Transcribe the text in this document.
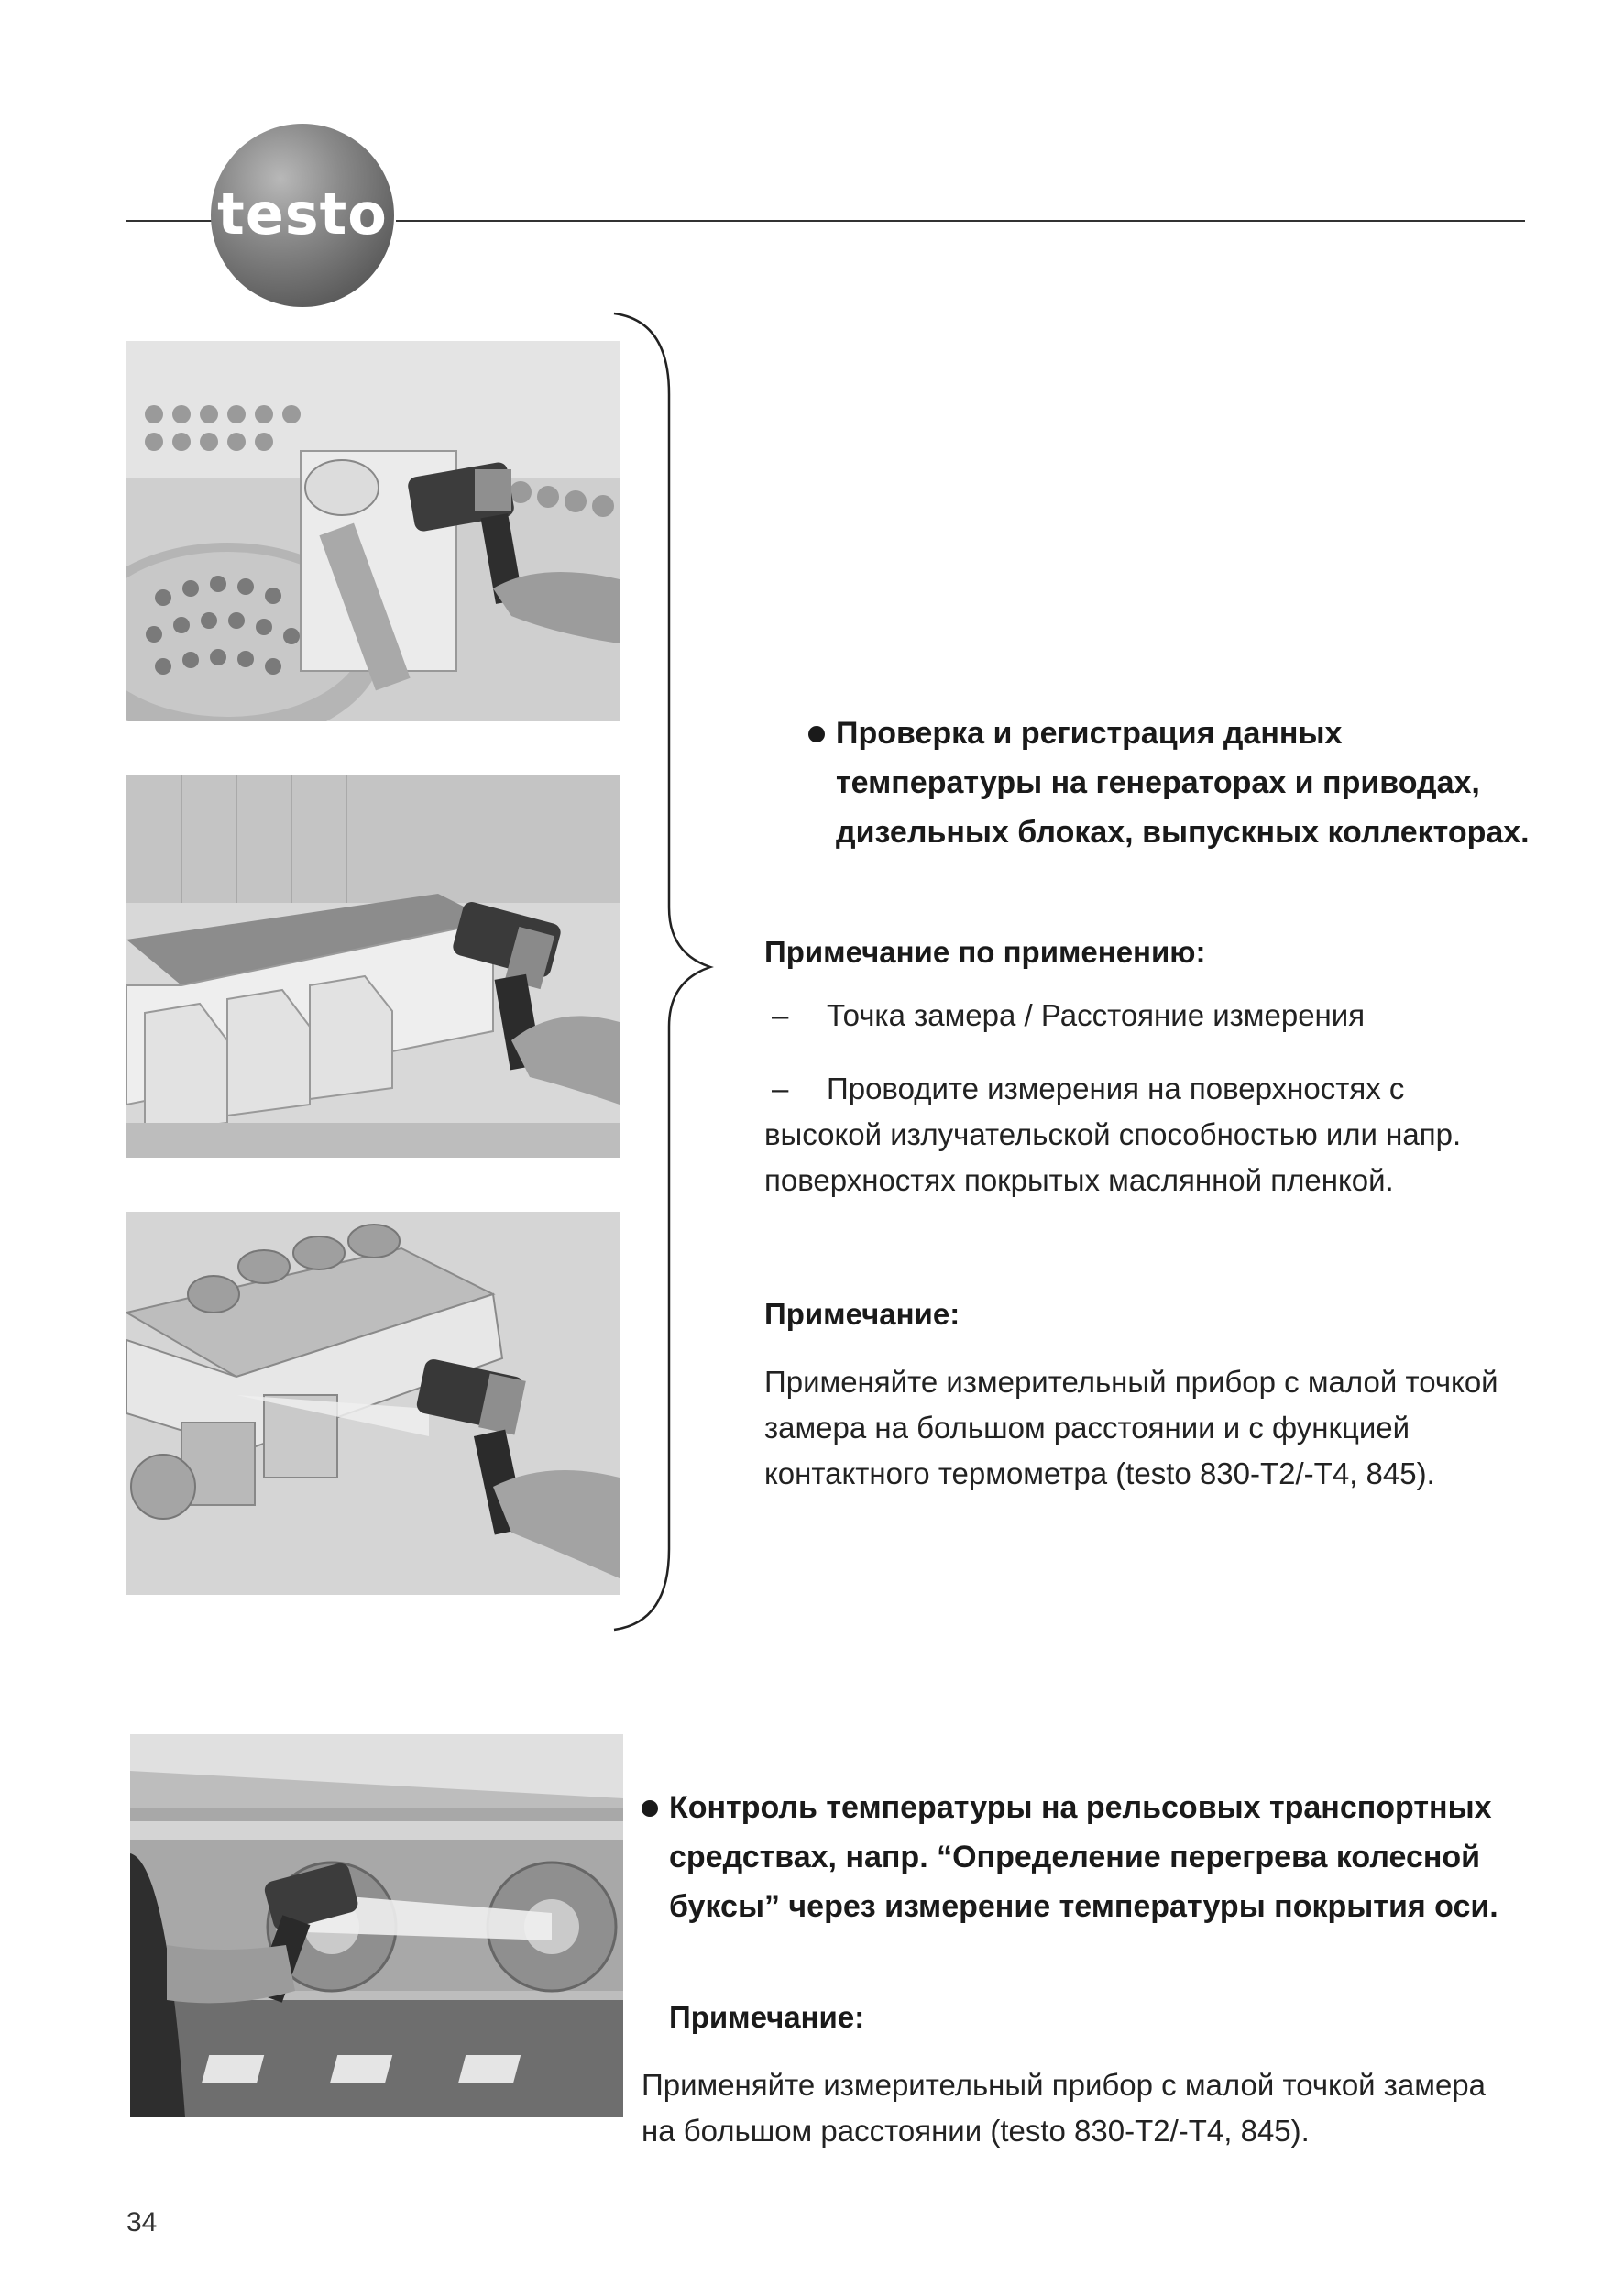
testo
Проверка и регистрация данных температуры на генераторах и приводах, дизельных блоках, выпускных коллекторах.
Примечание по применению:
– Точка замера / Расстояние измерения
– Проводите измерения на поверхностях с высокой излучательской способностью или напр. поверхностях покрытых маслянной пленкой.
Примечание:
Применяйте измерительный прибор с малой точкой замера на большом расстоянии и с функцией контактного термометра (testo 830-T2/-T4, 845).
Контроль температуры на рельсовых транспортных средствах, напр. “Определение перегрева колесной буксы” через измерение температуры покрытия оси.
Примечание:
Применяйте измерительный прибор с малой точкой замера на большом расстоянии (testo 830-T2/-T4, 845).
34
